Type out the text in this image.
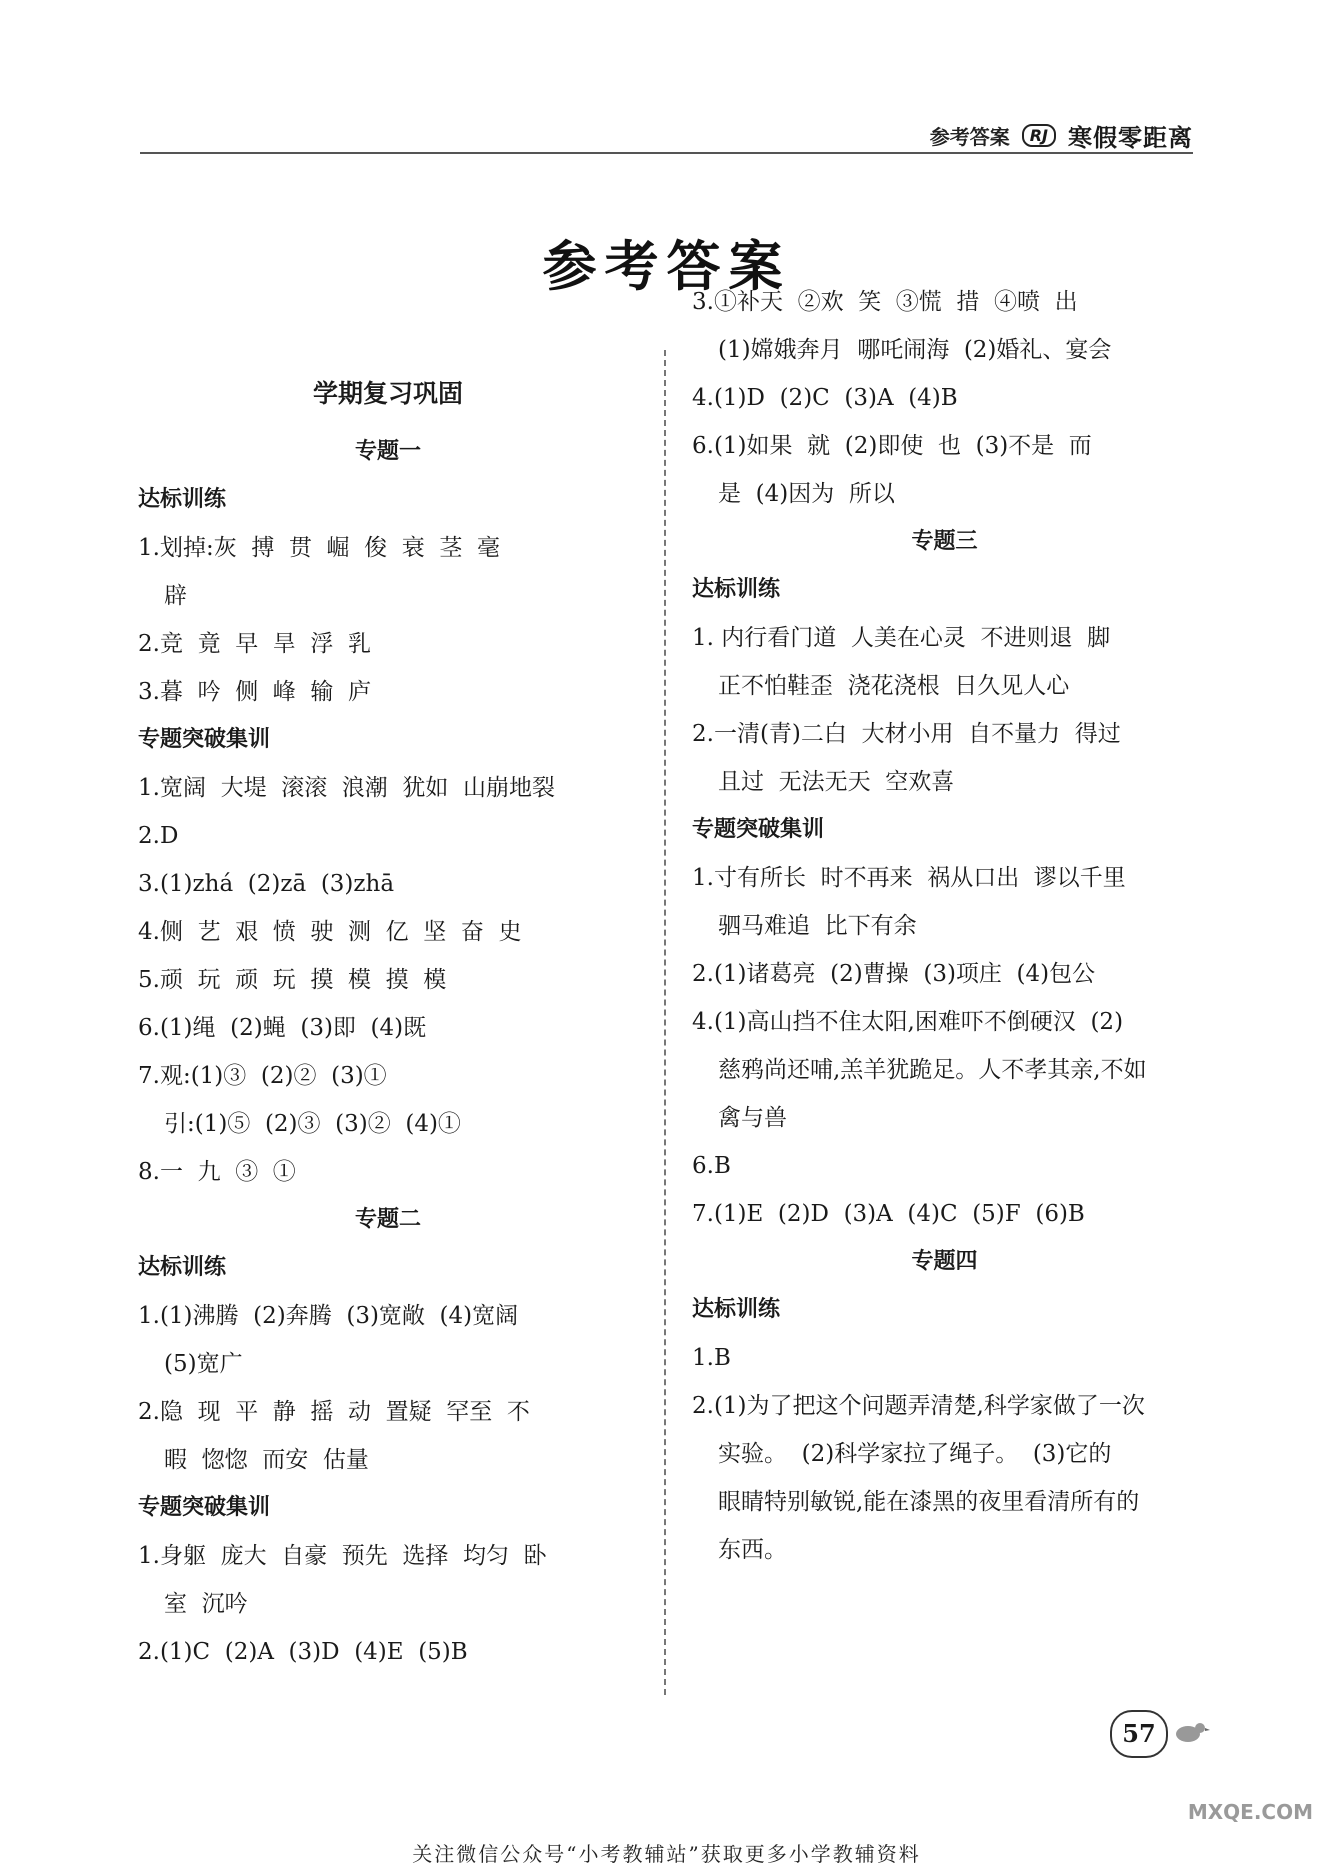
参考答案	RJ 寒假零距离
参考答案
学期复习巩固
专题一
达标训练
1.划掉:灰  搏  贯  崛  俊  衰  茎  毫
辟
2.竞  竟  早  旱  浮  乳
3.暮  吟  侧  峰  输  庐
专题突破集训
1.宽阔  大堤  滚滚  浪潮  犹如  山崩地裂
2.D
3.(1)zhá  (2)zā  (3)zhā
4.侧  艺  艰  愤  驶  测  亿  坚  奋  史
5.顽  玩  顽  玩  摸  模  摸  模
6.(1)绳  (2)蝇  (3)即  (4)既
7.观:(1)③  (2)②  (3)①
引:(1)⑤  (2)③  (3)②  (4)①
8.一  九  ③  ①
专题二
达标训练
1.(1)沸腾  (2)奔腾  (3)宽敞  (4)宽阔
(5)宽广
2.隐  现  平  静  摇  动  置疑  罕至  不
暇  惚惚  而安  估量
专题突破集训
1.身躯  庞大  自豪  预先  选择  均匀  卧
室  沉吟
2.(1)C  (2)A  (3)D  (4)E  (5)B
3.①补天  ②欢  笑  ③慌  措  ④喷  出
(1)嫦娥奔月  哪吒闹海  (2)婚礼、宴会
4.(1)D  (2)C  (3)A  (4)B
6.(1)如果  就  (2)即使  也  (3)不是  而
是  (4)因为  所以
专题三
达标训练
1. 内行看门道  人美在心灵  不进则退  脚
正不怕鞋歪  浇花浇根  日久见人心
2.一清(青)二白  大材小用  自不量力  得过
且过  无法无天  空欢喜
专题突破集训
1.寸有所长  时不再来  祸从口出  谬以千里
驷马难追  比下有余
2.(1)诸葛亮  (2)曹操  (3)项庄  (4)包公
4.(1)高山挡不住太阳,困难吓不倒硬汉  (2)
慈鸦尚还哺,羔羊犹跪足。人不孝其亲,不如
禽与兽
6.B
7.(1)E  (2)D  (3)A  (4)C  (5)F  (6)B
专题四
达标训练
1.B
2.(1)为了把这个问题弄清楚,科学家做了一次
实验。  (2)科学家拉了绳子。  (3)它的
眼睛特别敏锐,能在漆黑的夜里看清所有的
东西。
57
MXQE.COM
关注微信公众号“小考教辅站”获取更多小学教辅资料
